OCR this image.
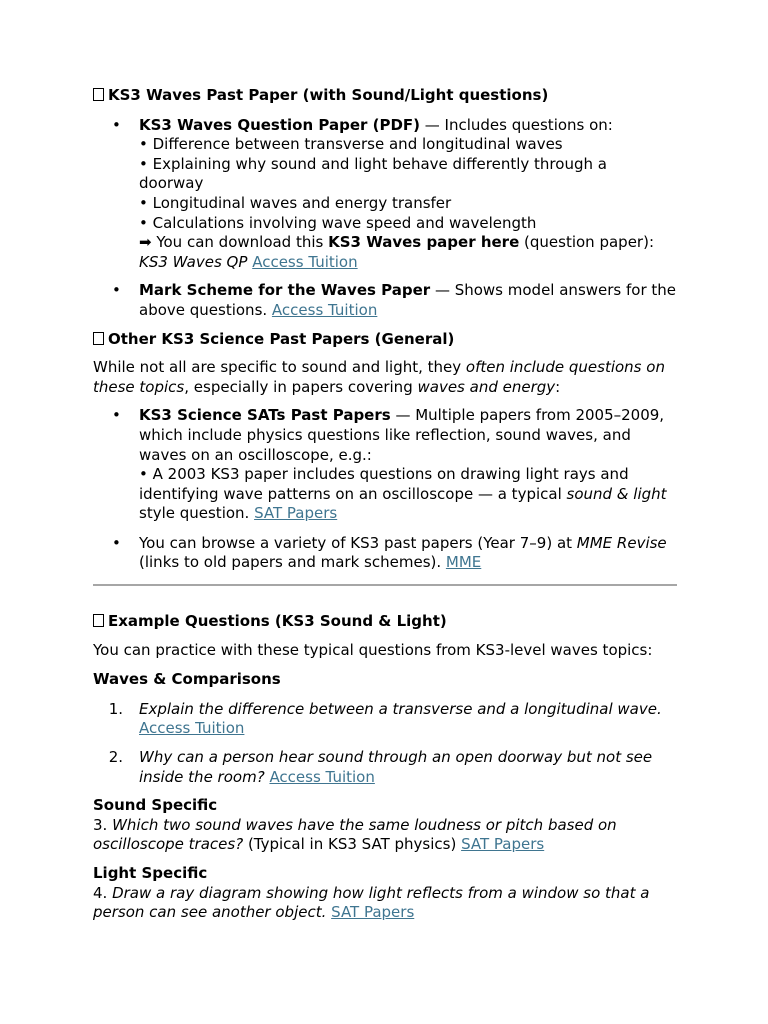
KS3 Waves Past Paper (with Sound/Light questions)
• KS3 Waves Question Paper (PDF) — Includes questions on:
• Difference between transverse and longitudinal waves
• Explaining why sound and light behave differently through a
doorway
• Longitudinal waves and energy transfer
• Calculations involving wave speed and wavelength
➡ You can download this KS3 Waves paper here (question paper):
KS3 Waves QP Access Tuition
• Mark Scheme for the Waves Paper — Shows model answers for the above questions. Access Tuition
Other KS3 Science Past Papers (General)

While not all are specific to sound and light, they often include questions on these topics, especially in papers covering waves and energy:

• KS3 Science SATs Past Papers — Multiple papers from 2005–2009, which include physics questions like reflection, sound waves, and waves on an oscilloscope, e.g.:
• A 2003 KS3 paper includes questions on drawing light rays and identifying wave patterns on an oscilloscope — a typical sound & light style question. SAT Papers
• You can browse a variety of KS3 past papers (Year 7–9) at MME Revise (links to old papers and mark schemes). MME
Example Questions (KS3 Sound & Light)

You can practice with these typical questions from KS3-level waves topics:

Waves & Comparisons

1. Explain the difference between a transverse and a longitudinal wave. Access Tuition
2. Why can a person hear sound through an open doorway but not see inside the room? Access Tuition

Sound Specific
3. Which two sound waves have the same loudness or pitch based on oscilloscope traces? (Typical in KS3 SAT physics) SAT Papers

Light Specific
4. Draw a ray diagram showing how light reflects from a window so that a person can see another object. SAT Papers
